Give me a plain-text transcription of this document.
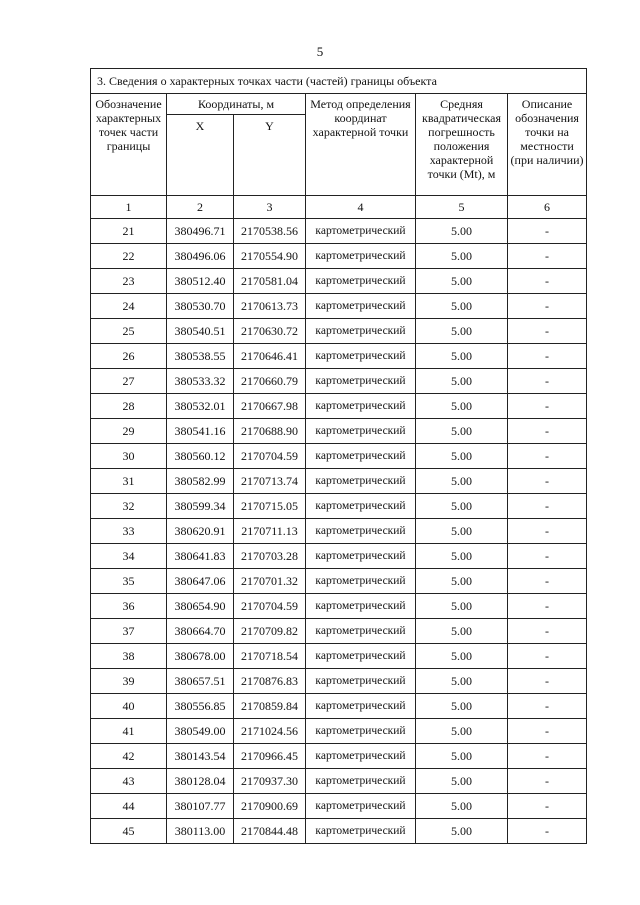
5
3. Сведения о характерных точках части (частей) границы объекта					
Обозначение характерных точек части границы	Координаты, м		Метод определения координат характерной точки	Средняя квадратическая погрешность положения характерной точки (Mt), м	Описание обозначения точки на местности (при наличии)
	X	Y			
1	2	3	4	5	6
21	380496.71	2170538.56	картометрический	5.00	-
22	380496.06	2170554.90	картометрический	5.00	-
23	380512.40	2170581.04	картометрический	5.00	-
24	380530.70	2170613.73	картометрический	5.00	-
25	380540.51	2170630.72	картометрический	5.00	-
26	380538.55	2170646.41	картометрический	5.00	-
27	380533.32	2170660.79	картометрический	5.00	-
28	380532.01	2170667.98	картометрический	5.00	-
29	380541.16	2170688.90	картометрический	5.00	-
30	380560.12	2170704.59	картометрический	5.00	-
31	380582.99	2170713.74	картометрический	5.00	-
32	380599.34	2170715.05	картометрический	5.00	-
33	380620.91	2170711.13	картометрический	5.00	-
34	380641.83	2170703.28	картометрический	5.00	-
35	380647.06	2170701.32	картометрический	5.00	-
36	380654.90	2170704.59	картометрический	5.00	-
37	380664.70	2170709.82	картометрический	5.00	-
38	380678.00	2170718.54	картометрический	5.00	-
39	380657.51	2170876.83	картометрический	5.00	-
40	380556.85	2170859.84	картометрический	5.00	-
41	380549.00	2171024.56	картометрический	5.00	-
42	380143.54	2170966.45	картометрический	5.00	-
43	380128.04	2170937.30	картометрический	5.00	-
44	380107.77	2170900.69	картометрический	5.00	-
45	380113.00	2170844.48	картометрический	5.00	-
